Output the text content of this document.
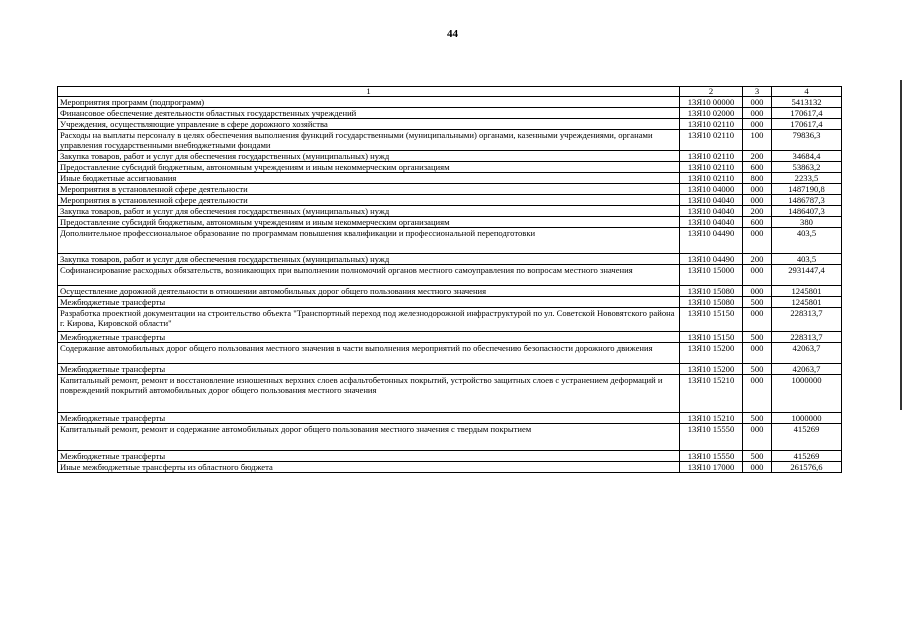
44
1	2	3	4
Мероприятия программ (подпрограмм)	13Я10 00000	000	5413132
Финансовое обеспечение деятельности областных государственных учреждений	13Я10 02000	000	170617,4
Учреждения, осуществляющие управление в сфере дорожного хозяйства	13Я10 02110	000	170617,4
Расходы на выплаты персоналу в целях обеспечения выполнения функций государственными (муниципальными) органами, казенными учреждениями, органами управления государственными внебюджетными фондами	13Я10 02110	100	79836,3
Закупка товаров, работ и услуг для обеспечения государственных (муниципальных) нужд	13Я10 02110	200	34684,4
Предоставление субсидий бюджетным, автономным учреждениям и иным некоммерческим организациям	13Я10 02110	600	53863,2
Иные бюджетные ассигнования	13Я10 02110	800	2233,5
Мероприятия в установленной сфере деятельности	13Я10 04000	000	1487190,8
Мероприятия в установленной сфере деятельности	13Я10 04040	000	1486787,3
Закупка товаров, работ и услуг для обеспечения государственных (муниципальных) нужд	13Я10 04040	200	1486407,3
Предоставление субсидий бюджетным, автономным учреждениям и иным некоммерческим организациям	13Я10 04040	600	380
Дополнительное профессиональное образование по программам повышения квалификации и профессиональной переподготовки	13Я10 04490	000	403,5
Закупка товаров, работ и услуг для обеспечения государственных (муниципальных) нужд	13Я10 04490	200	403,5
Софинансирование расходных обязательств, возникающих при выполнении полномочий органов местного самоуправления по вопросам местного значения	13Я10 15000	000	2931447,4
Осуществление дорожной деятельности в отношении автомобильных дорог общего пользования местного значения	13Я10 15080	000	1245801
Межбюджетные трансферты	13Я10 15080	500	1245801
Разработка проектной документации на строительство объекта "Транспортный переход под железнодорожной инфраструктурой по ул. Советской Нововятского района г. Кирова, Кировской области"	13Я10 15150	000	228313,7
Межбюджетные трансферты	13Я10 15150	500	228313,7
Содержание автомобильных дорог общего пользования местного значения в части выполнения мероприятий по обеспечению безопасности дорожного движения	13Я10 15200	000	42063,7
Межбюджетные трансферты	13Я10 15200	500	42063,7
Капитальный ремонт, ремонт и восстановление изношенных верхних слоев асфальтобетонных покрытий, устройство защитных слоев с устранением деформаций и повреждений покрытий автомобильных дорог общего пользования местного значения	13Я10 15210	000	1000000
Межбюджетные трансферты	13Я10 15210	500	1000000
Капитальный ремонт, ремонт и содержание автомобильных дорог общего пользования местного значения с твердым покрытием	13Я10 15550	000	415269
Межбюджетные трансферты	13Я10 15550	500	415269
Иные межбюджетные трансферты из областного бюджета	13Я10 17000	000	261576,6
